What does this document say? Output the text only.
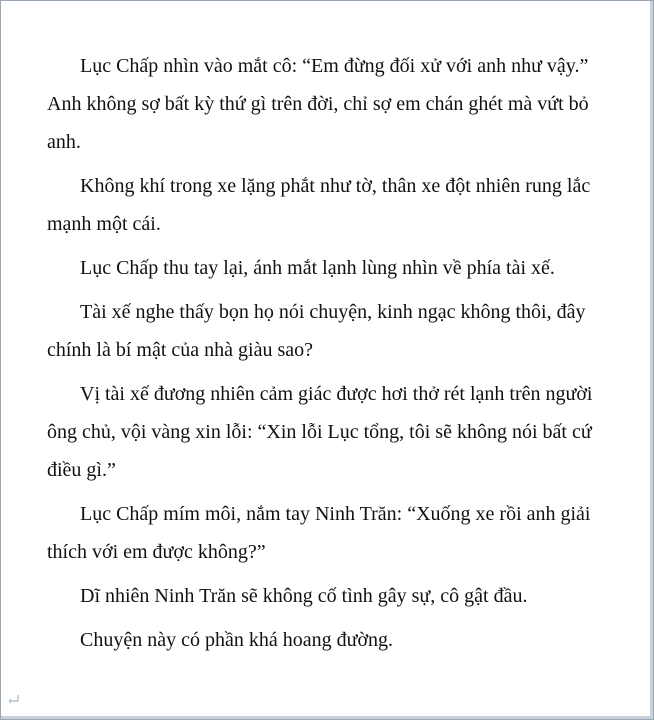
Lục Chấp nhìn vào mắt cô: “Em đừng đối xử với anh như vậy.” Anh không sợ bất kỳ thứ gì trên đời, chỉ sợ em chán ghét mà vứt bỏ anh.

Không khí trong xe lặng phắt như tờ, thân xe đột nhiên rung lắc mạnh một cái.

Lục Chấp thu tay lại, ánh mắt lạnh lùng nhìn về phía tài xế.

Tài xế nghe thấy bọn họ nói chuyện, kinh ngạc không thôi, đây chính là bí mật của nhà giàu sao?

Vị tài xế đương nhiên cảm giác được hơi thở rét lạnh trên người ông chủ, vội vàng xin lỗi: “Xin lỗi Lục tổng, tôi sẽ không nói bất cứ điều gì.”

Lục Chấp mím môi, nắm tay Ninh Trăn: “Xuống xe rồi anh giải thích với em được không?”

Dĩ nhiên Ninh Trăn sẽ không cố tình gây sự, cô gật đầu.

Chuyện này có phần khá hoang đường.
